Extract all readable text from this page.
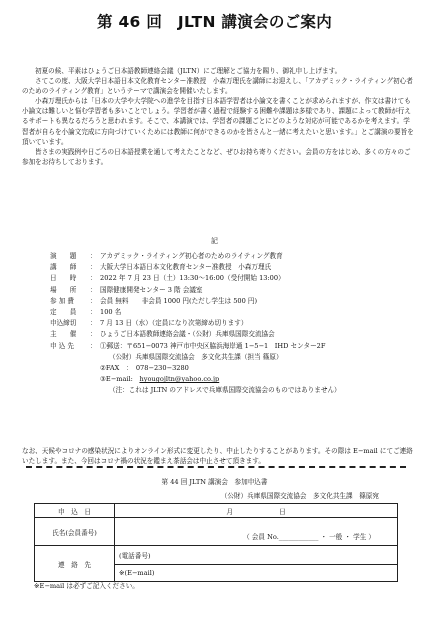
第 46 回　JLTN 講演会のご案内

初夏の候、平素はひょうご日本語教師連絡会議（JLTN）にご理解とご協力を賜り、御礼申し上げます。

さてこの度、大阪大学日本語日本文化教育センター准教授　小森万理氏を講師にお迎えし、「アカデミック・ライティング初心者のためのライティング教育」というテーマで講演会を開催いたします。

小森万理氏からは「日本の大学や大学院への進学を目指す日本語学習者は小論文を書くことが求められますが、作文は書けても小論文は難しいと悩む学習者も多いことでしょう。学習者が書く過程で経験する困難や課題は多様であり、課題によって教師が行えるサポートも異なるだろうと思われます。そこで、本講演では、学習者の課題ごとにどのような対応が可能であるかを考えます。学習者が自らを小論文完成に方向づけていくためには教師に何ができるのかを皆さんと一緒に考えたいと思います。」とご講演の要旨を頂いています。

皆さまの実践例や日ごろの日本語授業を通して考えたことなど、ぜひお持ち寄りください。会員の方をはじめ、多くの方々のご参加をお待ちしております。

記
演　　題	： アカデミック・ライティング初心者のためのライティング教育
講　　師	： 大阪大学日本語日本文化教育センター准教授　小森万理氏
日　　時	： 2022 年 7 月 23 日（土）13:30～16:00（受付開始 13:00）
場　　所	： 国際健康開発センター 3 階 会議室
参 加 費	： 会員 無料　　非会員 1000 円(ただし学生は 500 円)
定　　員	： 100 名
申込締切	： 7 月 13 日（水）（定員になり次第締め切ります）
主　　催	： ひょうご日本語教師連絡会議・（公財）兵庫県国際交流協会
申 込 先	： ①郵送：〒651−0073 神戸市中央区脇浜海岸通 1−5−1　IHD センター2F
（公財）兵庫県国際交流協会　多文化共生課（担当 篠原）
②FAX　：　078−230−3280
③E−mail:　hyougojltn@yahoo.co.jp
（注：これは JLTN のアドレスで兵庫県国際交流協会のものではありません）
なお、天候やコロナの感染状況によりオンライン形式に変更したり、中止したりすることがあります。その際は E−mail にてご連絡いたします。また、今回はコロナ禍の状況を鑑まえ茶話会は中止させて頂きます。
第 44 回 JLTN 講演会　参加申込書
（公財）兵庫県国際交流協会　多文化共生課　篠原宛
申　込　日	月　　　　　　　日
氏名(会員番号)	（ 会員 No.____________ ・ 一般 ・ 学生 ）
連　絡　先	(電話番号)
	※(E−mail)
※E−mail は必ずご記入ください。
